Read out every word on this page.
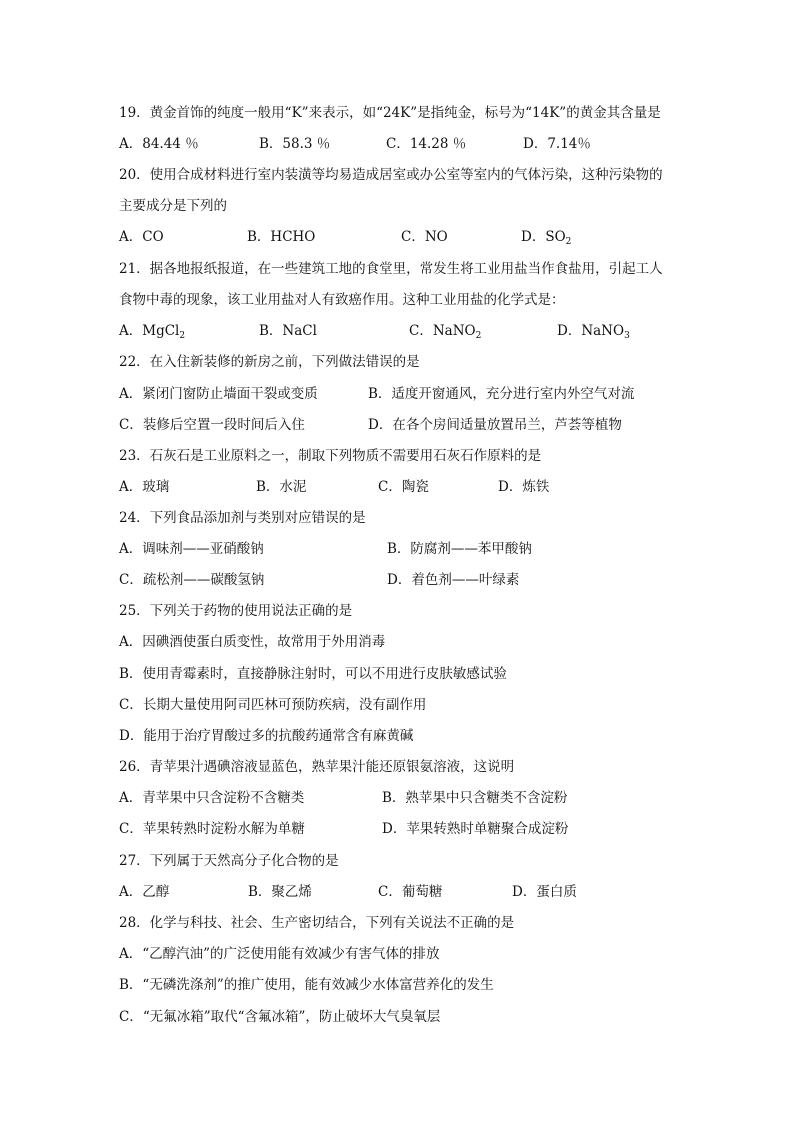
19．黄金首饰的纯度一般用“K”来表示，如“24K”是指纯金，标号为“14K”的黄金其含量是
A．84.44 ％	B．58.3 ％	C．14.28 ％	D．7.14％
20．使用合成材料进行室内装潢等均易造成居室或办公室等室内的气体污染，这种污染物的
主要成分是下列的
A．CO	B．HCHO	C．NO	D．$SO_2$
21．据各地报纸报道，在一些建筑工地的食堂里，常发生将工业用盐当作食盐用，引起工人
食物中毒的现象，该工业用盐对人有致癌作用。这种工业用盐的化学式是：
A．MgCl$_2$	B．NaCl	C．NaNO$_2$	D．NaNO$_3$
22．在入住新装修的新房之前，下列做法错误的是
A．紧闭门窗防止墙面干裂或变质	B．适度开窗通风，充分进行室内外空气对流
C．装修后空置一段时间后入住	D．在各个房间适量放置吊兰，芦荟等植物
23．石灰石是工业原料之一，制取下列物质不需要用石灰石作原料的是
A．玻璃	B．水泥	C．陶瓷	D．炼铁
24．下列食品添加剂与类别对应错误的是
A．调味剂——亚硝酸钠	B．防腐剂——苯甲酸钠
C．疏松剂——碳酸氢钠	D．着色剂——叶绿素
25．下列关于药物的使用说法正确的是
A．因碘酒使蛋白质变性，故常用于外用消毒
B．使用青霉素时，直接静脉注射时，可以不用进行皮肤敏感试验
C．长期大量使用阿司匹林可预防疾病，没有副作用
D．能用于治疗胃酸过多的抗酸药通常含有麻黄碱
26．青苹果汁遇碘溶液显蓝色，熟苹果汁能还原银氨溶液，这说明
A．青苹果中只含淀粉不含糖类	B．熟苹果中只含糖类不含淀粉
C．苹果转熟时淀粉水解为单糖	D．苹果转熟时单糖聚合成淀粉
27．下列属于天然高分子化合物的是
A．乙醇	B．聚乙烯	C．葡萄糖	D．蛋白质
28．化学与科技、社会、生产密切结合，下列有关说法不正确的是
A．“乙醇汽油”的广泛使用能有效减少有害气体的排放
B．“无磷洗涤剂”的推广使用，能有效减少水体富营养化的发生
C．“无氟冰箱”取代“含氟冰箱”，防止破坏大气臭氧层
